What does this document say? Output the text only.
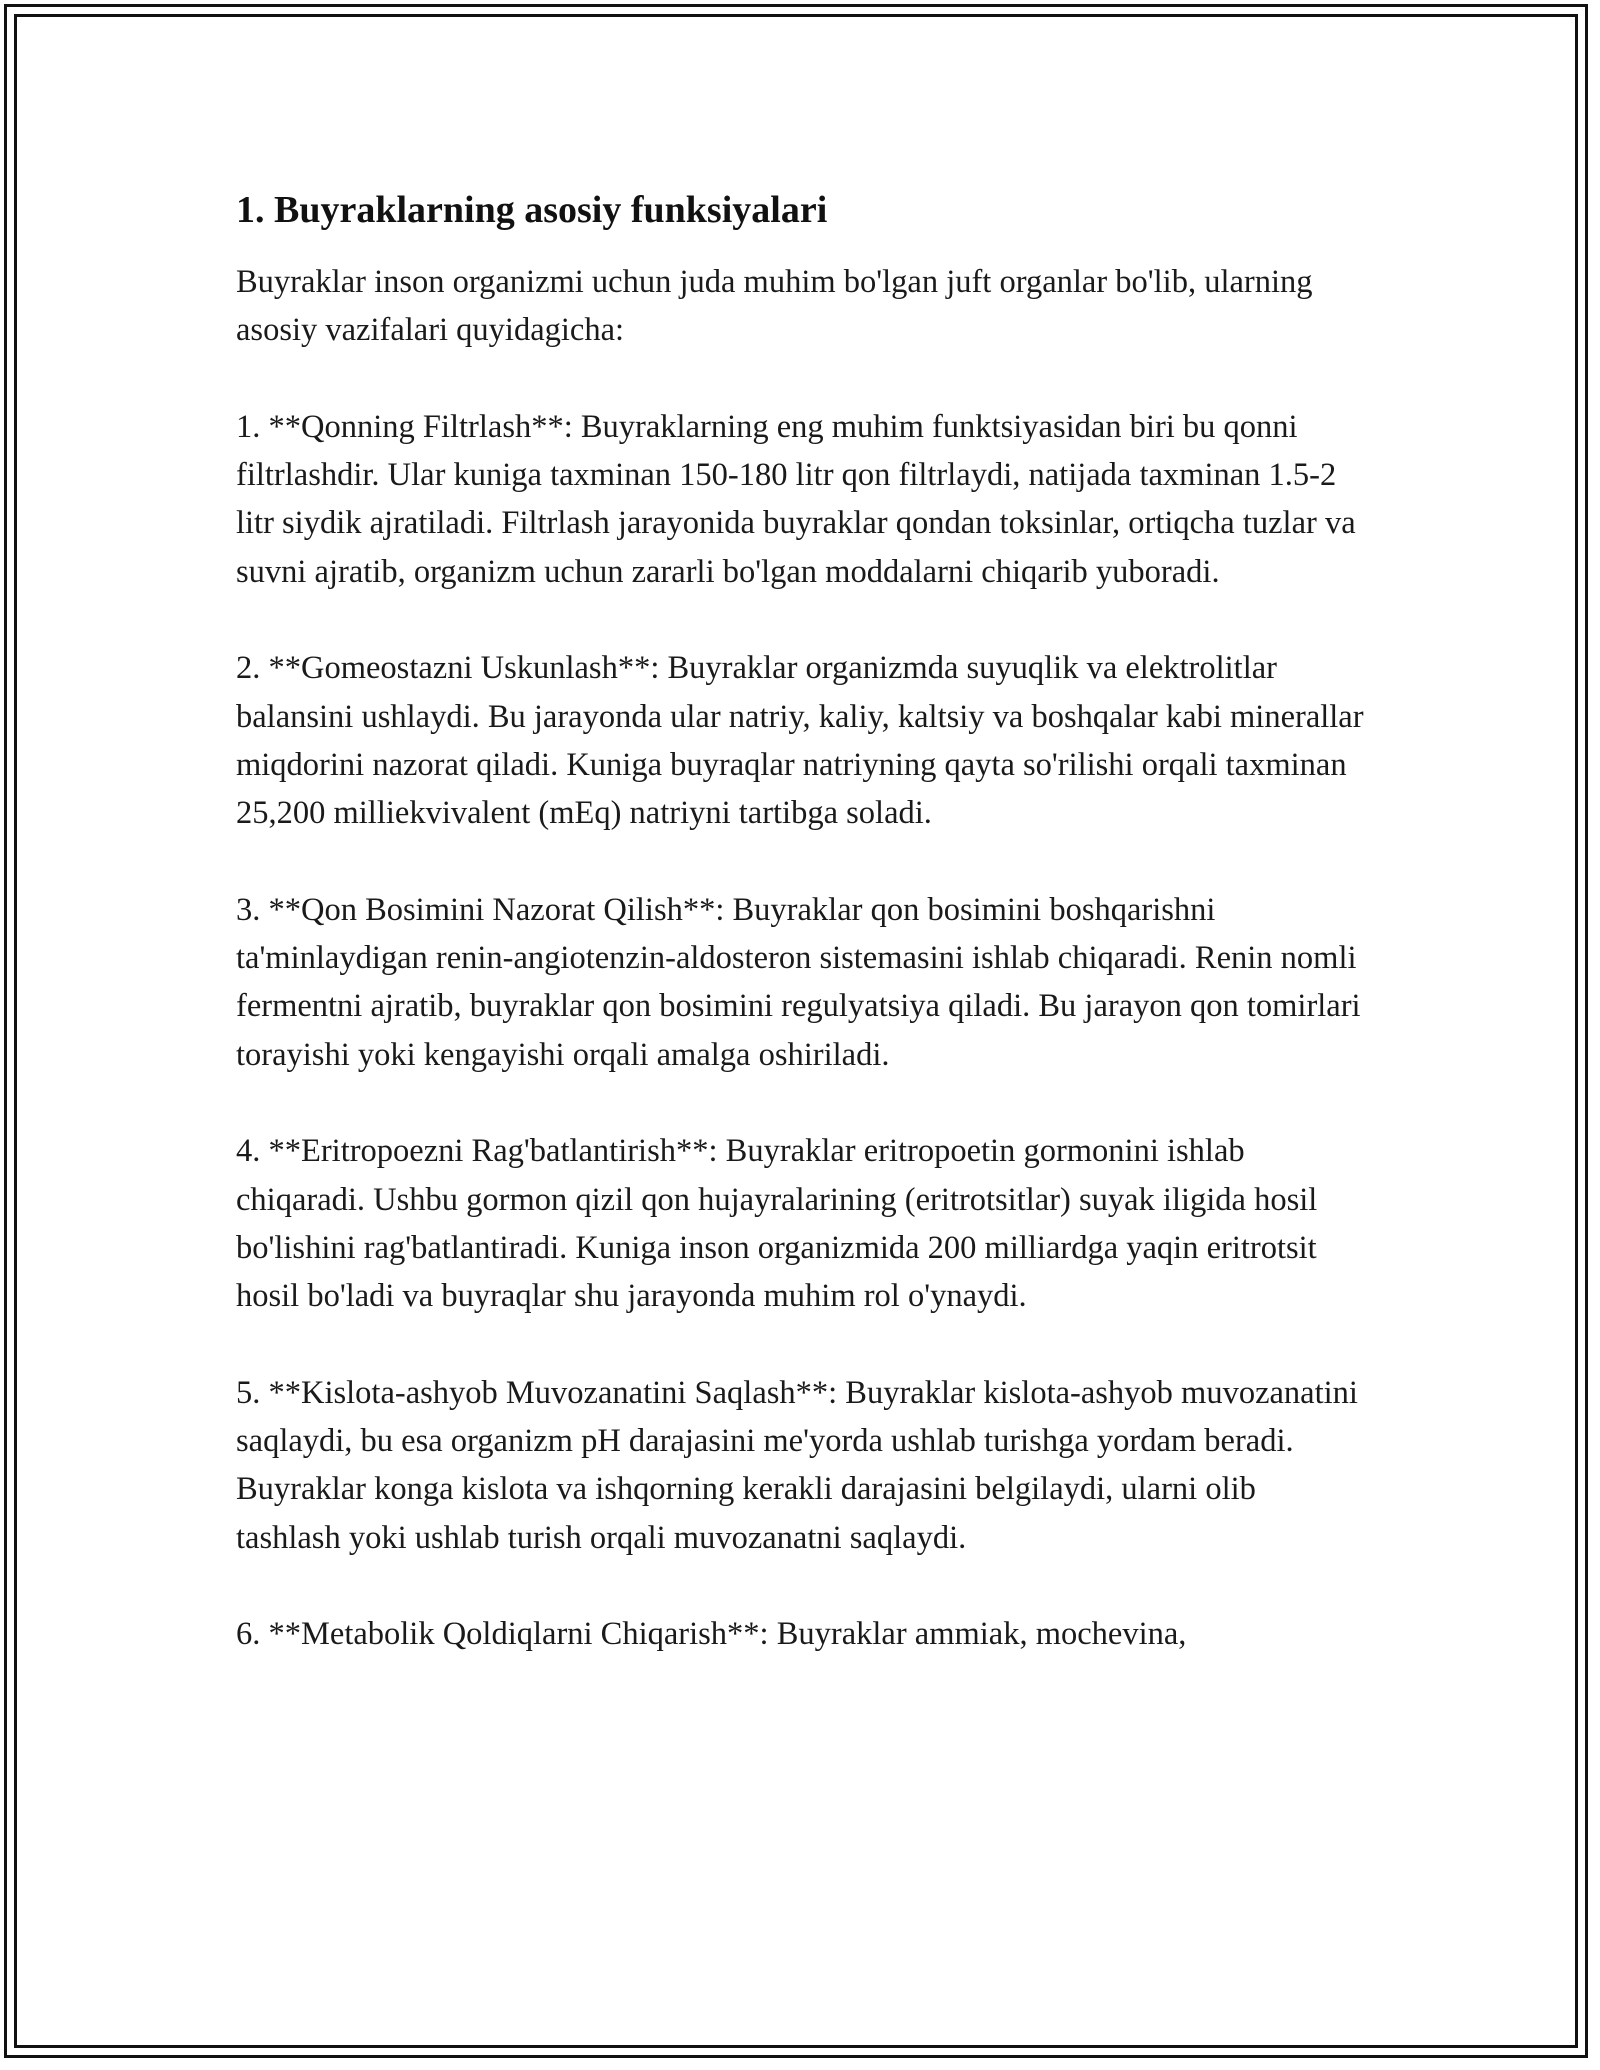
1. Buyraklarning asosiy funksiyalari

Buyraklar inson organizmi uchun juda muhim bo'lgan juft organlar bo'lib, ularning asosiy vazifalari quyidagicha:

1. **Qonning Filtrlash**: Buyraklarning eng muhim funktsiyasidan biri bu qonni filtrlashdir. Ular kuniga taxminan 150-180 litr qon filtrlaydi, natijada taxminan 1.5-2 litr siydik ajratiladi. Filtrlash jarayonida buyraklar qondan toksinlar, ortiqcha tuzlar va suvni ajratib, organizm uchun zararli bo'lgan moddalarni chiqarib yuboradi.

2. **Gomeostazni Uskunlash**: Buyraklar organizmda suyuqlik va elektrolitlar balansini ushlaydi. Bu jarayonda ular natriy, kaliy, kaltsiy va boshqalar kabi minerallar miqdorini nazorat qiladi. Kuniga buyraqlar natriyning qayta so'rilishi orqali taxminan 25,200 milliekvivalent (mEq) natriyni tartibga soladi.

3. **Qon Bosimini Nazorat Qilish**: Buyraklar qon bosimini boshqarishni ta'minlaydigan renin-angiotenzin-aldosteron sistemasini ishlab chiqaradi. Renin nomli fermentni ajratib, buyraklar qon bosimini regulyatsiya qiladi. Bu jarayon qon tomirlari torayishi yoki kengayishi orqali amalga oshiriladi.

4. **Eritropoezni Rag'batlantirish**: Buyraklar eritropoetin gormonini ishlab chiqaradi. Ushbu gormon qizil qon hujayralarining (eritrotsitlar) suyak iligida hosil bo'lishini rag'batlantiradi. Kuniga inson organizmida 200 milliardga yaqin eritrotsit hosil bo'ladi va buyraqlar shu jarayonda muhim rol o'ynaydi.

5. **Kislota-ashyob Muvozanatini Saqlash**: Buyraklar kislota-ashyob muvozanatini saqlaydi, bu esa organizm pH darajasini me'yorda ushlab turishga yordam beradi. Buyraklar konga kislota va ishqorning kerakli darajasini belgilaydi, ularni olib tashlash yoki ushlab turish orqali muvozanatni saqlaydi.

6. **Metabolik Qoldiqlarni Chiqarish**: Buyraklar ammiak, mochevina,
